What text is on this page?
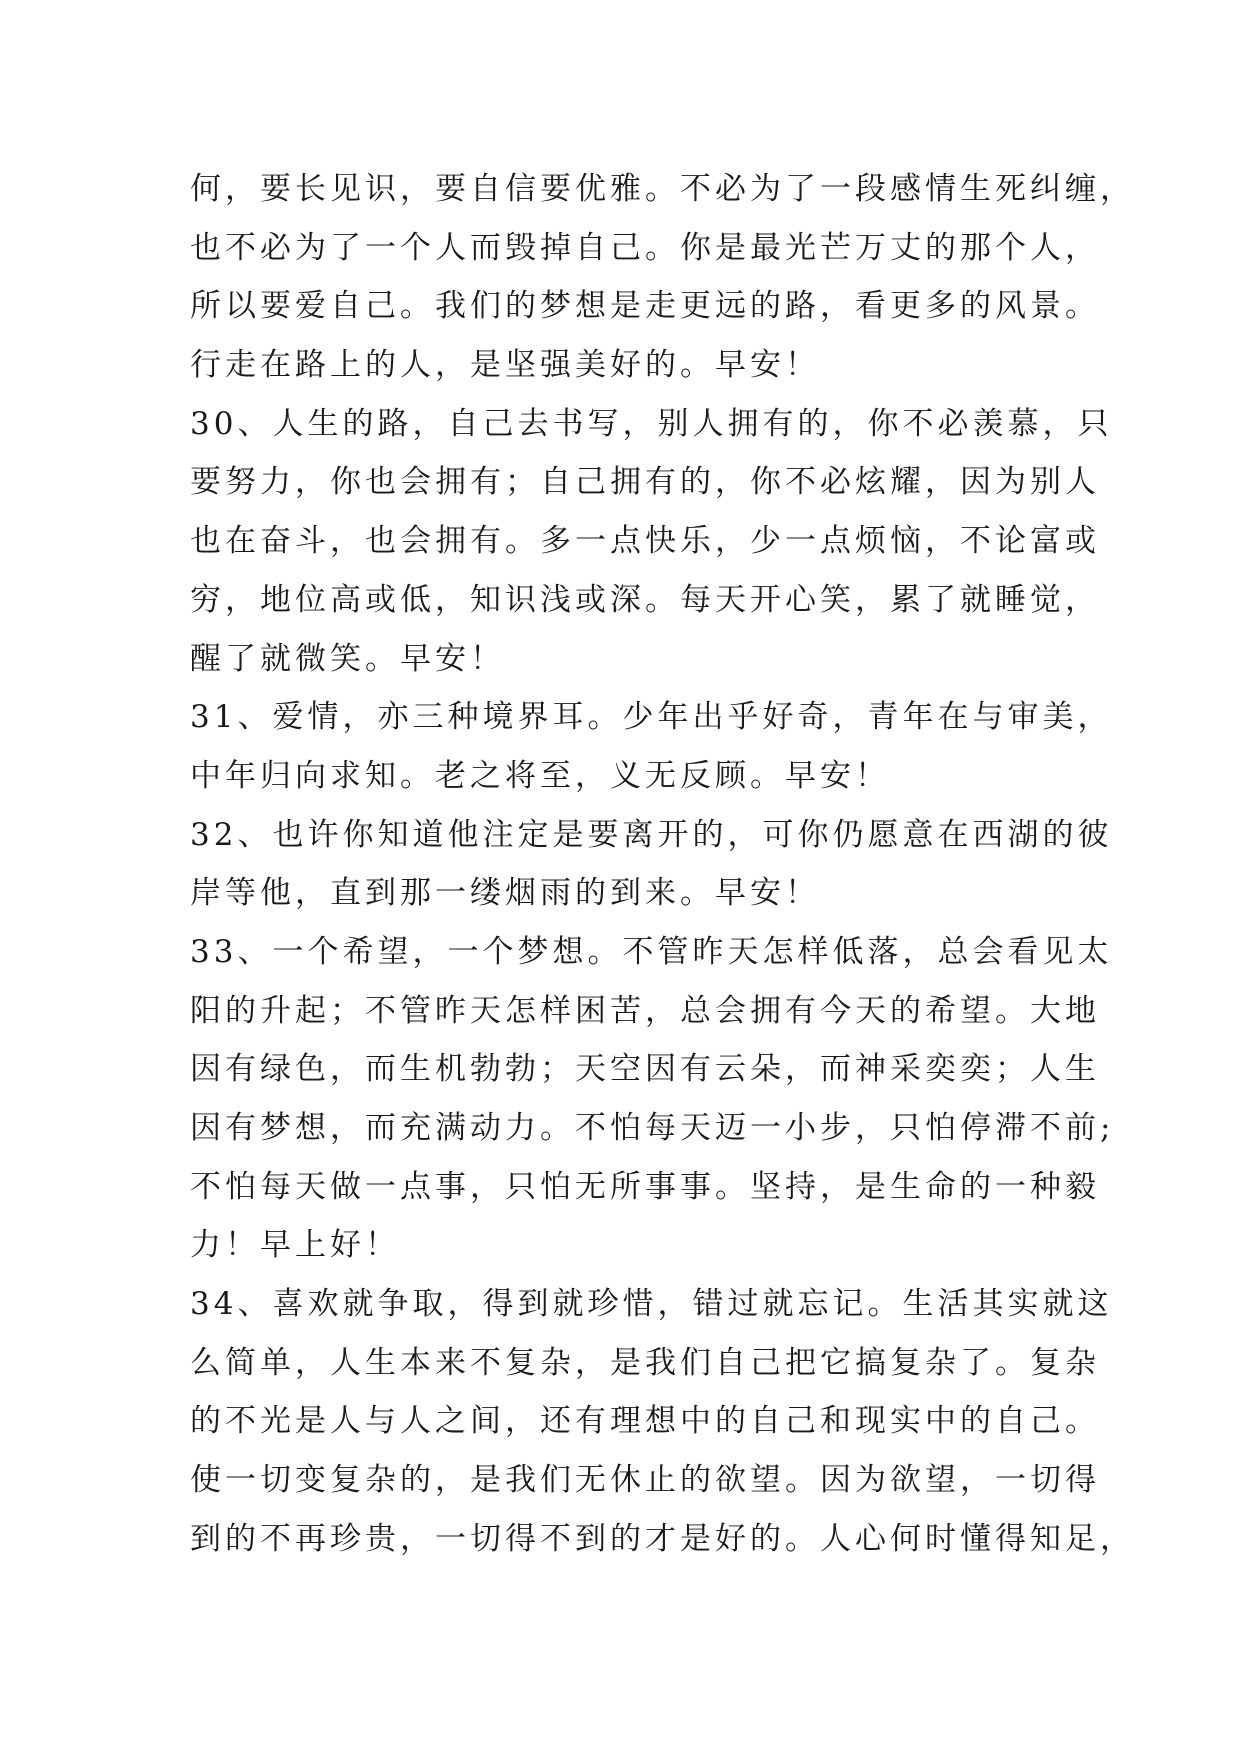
何，要长见识，要自信要优雅。不必为了一段感情生死纠缠，
也不必为了一个人而毁掉自己。你是最光芒万丈的那个人，
所以要爱自己。我们的梦想是走更远的路，看更多的风景。
行走在路上的人，是坚强美好的。早安！
30、人生的路，自己去书写，别人拥有的，你不必羡慕，只
要努力，你也会拥有；自己拥有的，你不必炫耀，因为别人
也在奋斗，也会拥有。多一点快乐，少一点烦恼，不论富或
穷，地位高或低，知识浅或深。每天开心笑，累了就睡觉，
醒了就微笑。早安！
31、爱情，亦三种境界耳。少年出乎好奇，青年在与审美，
中年归向求知。老之将至，义无反顾。早安！
32、也许你知道他注定是要离开的，可你仍愿意在西湖的彼
岸等他，直到那一缕烟雨的到来。早安！
33、一个希望，一个梦想。不管昨天怎样低落，总会看见太
阳的升起；不管昨天怎样困苦，总会拥有今天的希望。大地
因有绿色，而生机勃勃；天空因有云朵，而神采奕奕；人生
因有梦想，而充满动力。不怕每天迈一小步，只怕停滞不前;
不怕每天做一点事，只怕无所事事。坚持，是生命的一种毅
力！早上好！
34、喜欢就争取，得到就珍惜，错过就忘记。生活其实就这
么简单，人生本来不复杂，是我们自己把它搞复杂了。复杂
的不光是人与人之间，还有理想中的自己和现实中的自己。
使一切变复杂的，是我们无休止的欲望。因为欲望，一切得
到的不再珍贵，一切得不到的才是好的。人心何时懂得知足，
